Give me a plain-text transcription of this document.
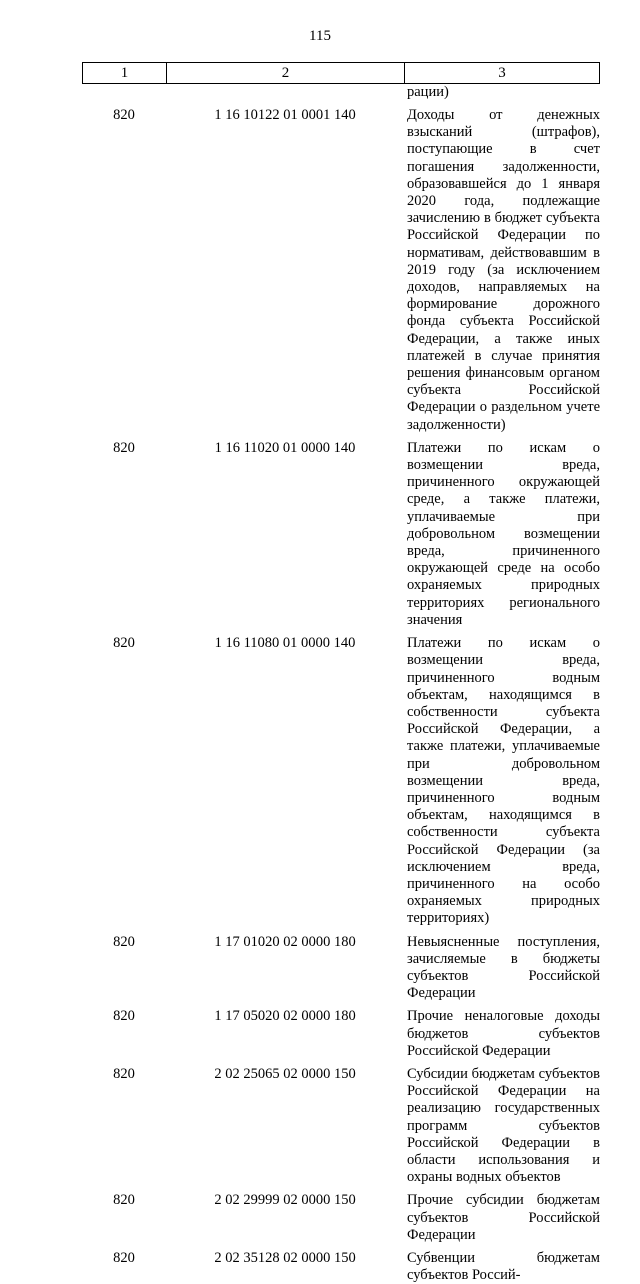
115
1	2	3
рации)
820	1 16 10122 01 0001 140	Доходы от денежных взысканий (штрафов), поступающие в счет погашения задолженности, образовавшейся до 1 января 2020 года, подлежащие зачислению в бюджет субъекта Российской Федерации по нормативам, действовавшим в 2019 году (за исключением доходов, направляемых на формирование дорожного фонда субъекта Российской Федерации, а также иных платежей в случае принятия решения финансовым органом субъекта Российской Федерации о раздельном учете задолженности)
820	1 16 11020 01 0000 140	Платежи по искам о возмещении вреда, причиненного окружающей среде, а также платежи, уплачиваемые при добровольном возмещении вреда, причиненного окружающей среде на особо охраняемых природных территориях регионального значения
820	1 16 11080 01 0000 140	Платежи по искам о возмещении вреда, причиненного водным объектам, находящимся в собственности субъекта Российской Федерации, а также платежи, уплачиваемые при добровольном возмещении вреда, причиненного водным объектам, находящимся в собственности субъекта Российской Федерации (за исключением вреда, причиненного на особо охраняемых природных территориях)
820	1 17 01020 02 0000 180	Невыясненные поступления, зачисляемые в бюджеты субъектов Российской Федерации
820	1 17 05020 02 0000 180	Прочие неналоговые доходы бюджетов субъектов Российской Федерации
820	2 02 25065 02 0000 150	Субсидии бюджетам субъектов Российской Федерации на реализацию государственных программ субъектов Российской Федерации в области использования и охраны водных объектов
820	2 02 29999 02 0000 150	Прочие субсидии бюджетам субъектов Российской Федерации
820	2 02 35128 02 0000 150	Субвенции бюджетам субъектов Россий-
